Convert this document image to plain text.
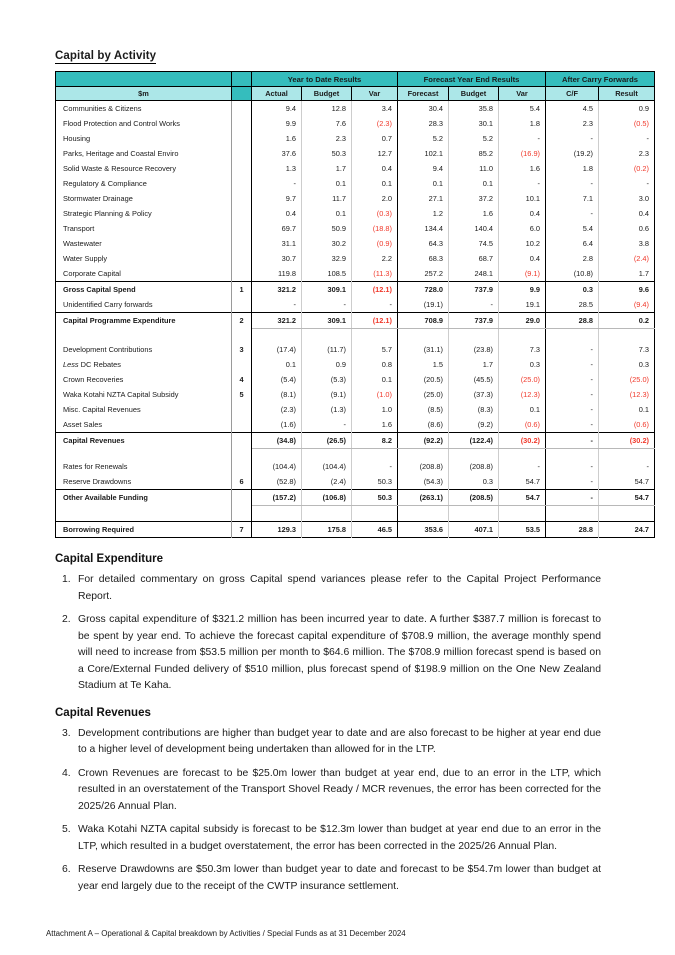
Capital by Activity
		Year to Date Results			Forecast Year End Results			After Carry Forwards	
$m		Actual	Budget	Var	Forecast	Budget	Var	C/F	Result
Communities & Citizens		9.4	12.8	3.4	30.4	35.8	5.4	4.5	0.9
Flood Protection and Control Works		9.9	7.6	(2.3)	28.3	30.1	1.8	2.3	(0.5)
Housing		1.6	2.3	0.7	5.2	5.2	-	-	-
Parks, Heritage and Coastal Enviro		37.6	50.3	12.7	102.1	85.2	(16.9)	(19.2)	2.3
Solid Waste & Resource Recovery		1.3	1.7	0.4	9.4	11.0	1.6	1.8	(0.2)
Regulatory & Compliance		-	0.1	0.1	0.1	0.1	-	-	-
Stormwater Drainage		9.7	11.7	2.0	27.1	37.2	10.1	7.1	3.0
Strategic Planning & Policy		0.4	0.1	(0.3)	1.2	1.6	0.4	-	0.4
Transport		69.7	50.9	(18.8)	134.4	140.4	6.0	5.4	0.6
Wastewater		31.1	30.2	(0.9)	64.3	74.5	10.2	6.4	3.8
Water Supply		30.7	32.9	2.2	68.3	68.7	0.4	2.8	(2.4)
Corporate Capital		119.8	108.5	(11.3)	257.2	248.1	(9.1)	(10.8)	1.7
Gross Capital Spend	1	321.2	309.1	(12.1)	728.0	737.9	9.9	0.3	9.6
Unidentified Carry forwards		-	-	-	(19.1)	-	19.1	28.5	(9.4)
Capital Programme Expenditure	2	321.2	309.1	(12.1)	708.9	737.9	29.0	28.8	0.2

Development Contributions	3	(17.4)	(11.7)	5.7	(31.1)	(23.8)	7.3	-	7.3
Less DC Rebates		0.1	0.9	0.8	1.5	1.7	0.3	-	0.3
Crown Recoveries	4	(5.4)	(5.3)	0.1	(20.5)	(45.5)	(25.0)	-	(25.0)
Waka Kotahi NZTA Capital Subsidy	5	(8.1)	(9.1)	(1.0)	(25.0)	(37.3)	(12.3)	-	(12.3)
Misc. Capital Revenues		(2.3)	(1.3)	1.0	(8.5)	(8.3)	0.1	-	0.1
Asset Sales		(1.6)	-	1.6	(8.6)	(9.2)	(0.6)	-	(0.6)
Capital Revenues		(34.8)	(26.5)	8.2	(92.2)	(122.4)	(30.2)	-	(30.2)

Rates for Renewals		(104.4)	(104.4)	-	(208.8)	(208.8)	-	-	-
Reserve Drawdowns	6	(52.8)	(2.4)	50.3	(54.3)	0.3	54.7	-	54.7
Other Available Funding		(157.2)	(106.8)	50.3	(263.1)	(208.5)	54.7	-	54.7

Borrowing Required	7	129.3	175.8	46.5	353.6	407.1	53.5	28.8	24.7
Capital Expenditure
1. For detailed commentary on gross Capital spend variances please refer to the Capital Project Performance Report.
2. Gross capital expenditure of $321.2 million has been incurred year to date. A further $387.7 million is forecast to be spent by year end. To achieve the forecast capital expenditure of $708.9 million, the average monthly spend will need to increase from $53.5 million per month to $64.6 million. The $708.9 million forecast spend is based on a Core/External Funded delivery of $510 million, plus forecast spend of $198.9 million on the One New Zealand Stadium at Te Kaha.
Capital Revenues
3. Development contributions are higher than budget year to date and are also forecast to be higher at year end due to a higher level of development being undertaken than allowed for in the LTP.
4. Crown Revenues are forecast to be $25.0m lower than budget at year end, due to an error in the LTP, which resulted in an overstatement of the Transport Shovel Ready / MCR revenues, the error has been corrected for the 2025/26 Annual Plan.
5. Waka Kotahi NZTA capital subsidy is forecast to be $12.3m lower than budget at year end due to an error in the LTP, which resulted in a budget overstatement, the error has been corrected in the 2025/26 Annual Plan.
6. Reserve Drawdowns are $50.3m lower than budget year to date and forecast to be $54.7m lower than budget at year end largely due to the receipt of the CWTP insurance settlement.
Attachment A – Operational & Capital breakdown by Activities / Special Funds as at 31 December 2024
